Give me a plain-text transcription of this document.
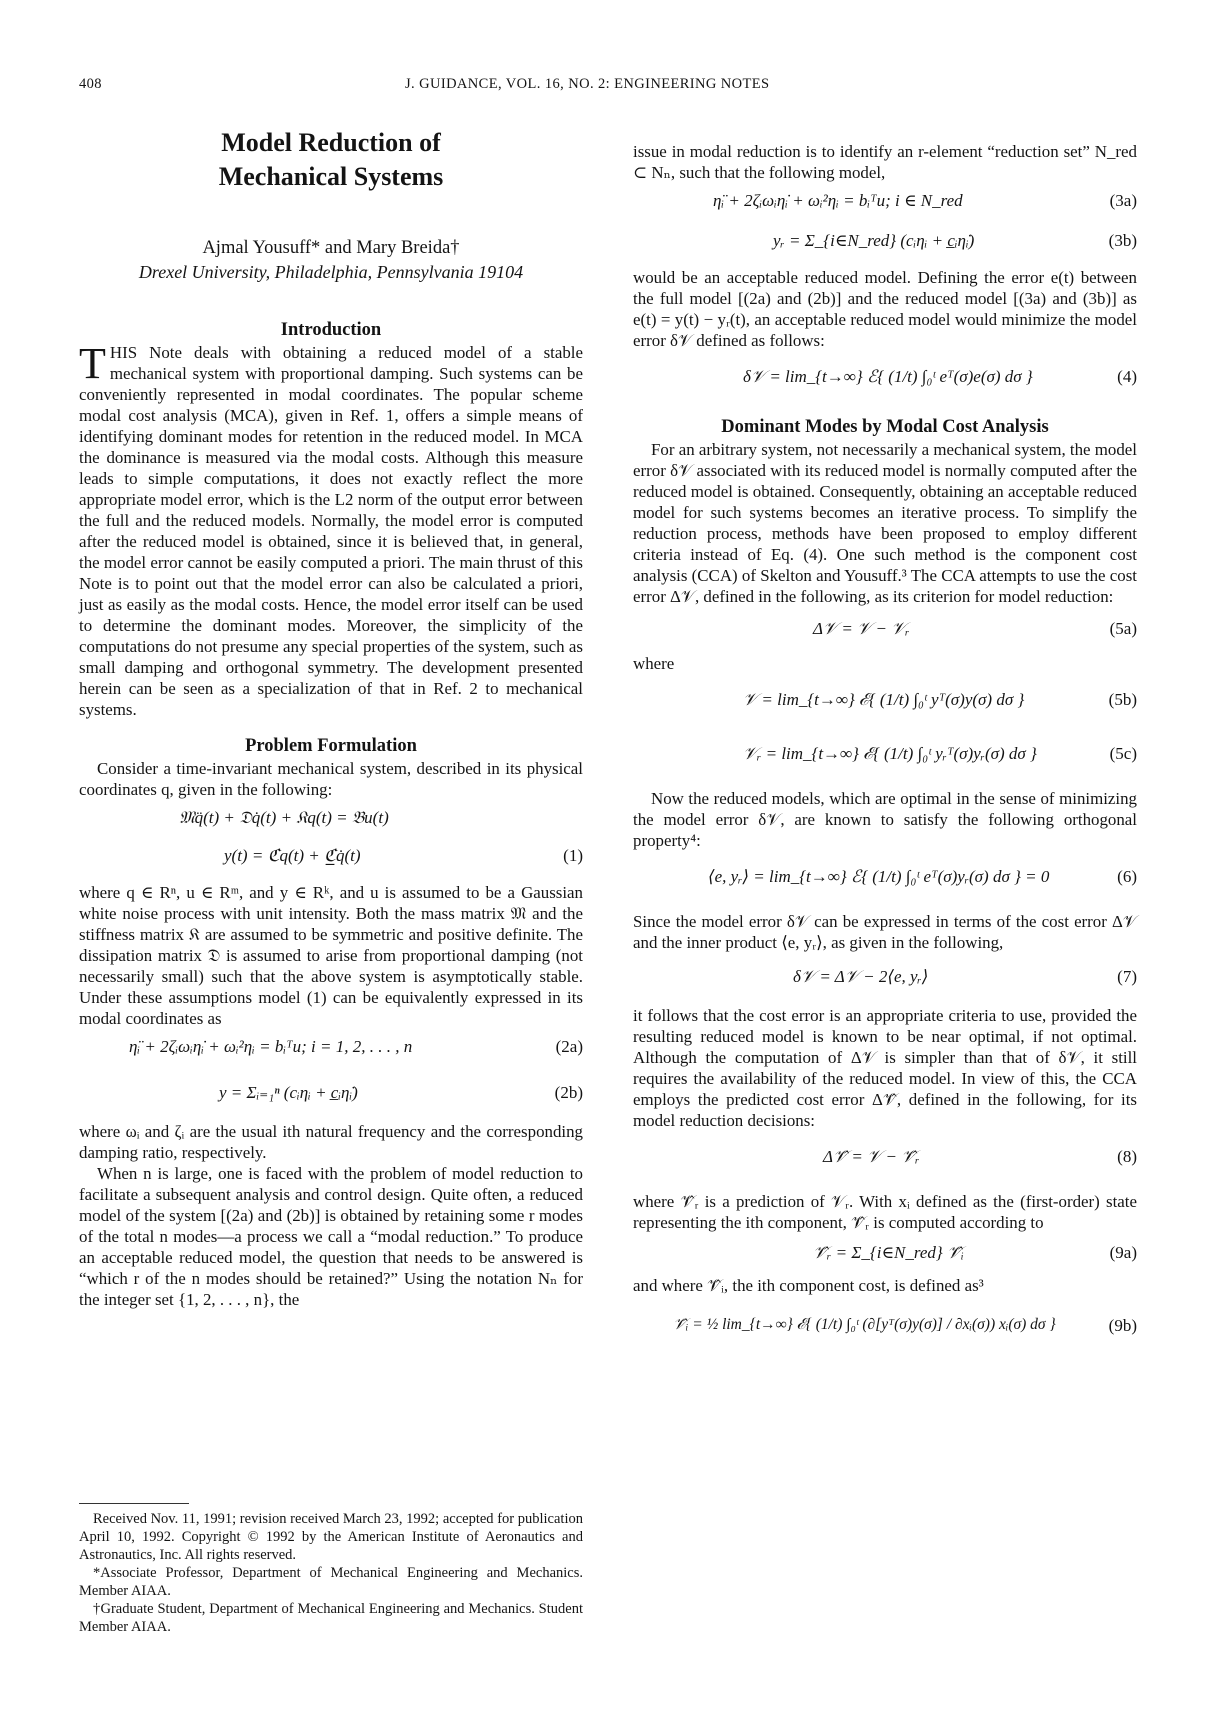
408	J. GUIDANCE, VOL. 16, NO. 2: ENGINEERING NOTES
Model Reduction of
Mechanical Systems
Ajmal Yousuff* and Mary Breida†
Drexel University, Philadelphia, Pennsylvania 19104
Introduction

THIS Note deals with obtaining a reduced model of a stable mechanical system with proportional damping. Such systems can be conveniently represented in modal coordinates. The popular scheme modal cost analysis (MCA), given in Ref. 1, offers a simple means of identifying dominant modes for retention in the reduced model. In MCA the dominance is measured via the modal costs. Although this measure leads to simple computations, it does not exactly reflect the more appropriate model error, which is the L2 norm of the output error between the full and the reduced models. Normally, the model error is computed after the reduced model is obtained, since it is believed that, in general, the model error cannot be easily computed a priori. The main thrust of this Note is to point out that the model error can also be calculated a priori, just as easily as the modal costs. Hence, the model error itself can be used to determine the dominant modes. Moreover, the simplicity of the computations do not presume any special properties of the system, such as small damping and orthogonal symmetry. The development presented herein can be seen as a specialization of that in Ref. 2 to mechanical systems.

Problem Formulation

Consider a time-invariant mechanical system, described in its physical coordinates q, given in the following:

𝔐q̈(t) + 𝔇q̇(t) + 𝔎q(t) = 𝔅u(t)
y(t) = ℭq(t) + ℭ̲q̇(t)	(1)

where q ∈ Rⁿ, u ∈ Rᵐ, and y ∈ Rᵏ, and u is assumed to be a Gaussian white noise process with unit intensity. Both the mass matrix 𝔐 and the stiffness matrix 𝔎 are assumed to be symmetric and positive definite. The dissipation matrix 𝔇 is assumed to arise from proportional damping (not necessarily small) such that the above system is asymptotically stable. Under these assumptions model (1) can be equivalently expressed in its modal coordinates as

η̈ᵢ + 2ζᵢωᵢη̇ᵢ + ωᵢ²ηᵢ = bᵢᵀu; i = 1, 2, . . . , n	(2a)
y = Σᵢ₌₁ⁿ (cᵢηᵢ + c̲ᵢη̇ᵢ)	(2b)

where ωᵢ and ζᵢ are the usual ith natural frequency and the corresponding damping ratio, respectively.

When n is large, one is faced with the problem of model reduction to facilitate a subsequent analysis and control design. Quite often, a reduced model of the system [(2a) and (2b)] is obtained by retaining some r modes of the total n modes—a process we call a “modal reduction.” To produce an acceptable reduced model, the question that needs to be answered is “which r of the n modes should be retained?” Using the notation Nₙ for the integer set {1, 2, . . . , n}, the

Received Nov. 11, 1991; revision received March 23, 1992; accepted for publication April 10, 1992. Copyright © 1992 by the American Institute of Aeronautics and Astronautics, Inc. All rights reserved.

*Associate Professor, Department of Mechanical Engineering and Mechanics. Member AIAA.

†Graduate Student, Department of Mechanical Engineering and Mechanics. Student Member AIAA.

issue in modal reduction is to identify an r-element “reduction set” N_red ⊂ Nₙ, such that the following model,

η̈ᵢ + 2ζᵢωᵢη̇ᵢ + ωᵢ²ηᵢ = bᵢᵀu; i ∈ N_red	(3a)
yᵣ = Σ_{i∈N_red} (cᵢηᵢ + c̲ᵢη̇ᵢ)	(3b)

would be an acceptable reduced model. Defining the error e(t) between the full model [(2a) and (2b)] and the reduced model [(3a) and (3b)] as e(t) = y(t) − yᵣ(t), an acceptable reduced model would minimize the model error δ𝒱 defined as follows:

δ𝒱 = lim_{t→∞} ℰ{ (1/t) ∫₀ᵗ eᵀ(σ)e(σ) dσ }	(4)
Dominant Modes by Modal Cost Analysis

For an arbitrary system, not necessarily a mechanical system, the model error δ𝒱 associated with its reduced model is normally computed after the reduced model is obtained. Consequently, obtaining an acceptable reduced model for such systems becomes an iterative process. To simplify the reduction process, methods have been proposed to employ different criteria instead of Eq. (4). One such method is the component cost analysis (CCA) of Skelton and Yousuff.³ The CCA attempts to use the cost error Δ𝒱, defined in the following, as its criterion for model reduction:

Δ𝒱 = 𝒱 − 𝒱ᵣ	(5a)

where

𝒱 = lim_{t→∞} ℰ{ (1/t) ∫₀ᵗ yᵀ(σ)y(σ) dσ }	(5b)
𝒱ᵣ = lim_{t→∞} ℰ{ (1/t) ∫₀ᵗ yᵣᵀ(σ)yᵣ(σ) dσ }	(5c)

Now the reduced models, which are optimal in the sense of minimizing the model error δ𝒱, are known to satisfy the following orthogonal property⁴:

⟨e, yᵣ⟩ = lim_{t→∞} ℰ{ (1/t) ∫₀ᵗ eᵀ(σ)yᵣ(σ) dσ } = 0	(6)

Since the model error δ𝒱 can be expressed in terms of the cost error Δ𝒱 and the inner product ⟨e, yᵣ⟩, as given in the following,

δ𝒱 = Δ𝒱 − 2⟨e, yᵣ⟩	(7)

it follows that the cost error is an appropriate criteria to use, provided the resulting reduced model is known to be near optimal, if not optimal. Although the computation of Δ𝒱 is simpler than that of δ𝒱, it still requires the availability of the reduced model. In view of this, the CCA employs the predicted cost error Δ𝒱̂, defined in the following, for its model reduction decisions:

Δ𝒱̂ = 𝒱 − 𝒱̂ᵣ	(8)

where 𝒱̂ᵣ is a prediction of 𝒱ᵣ. With xᵢ defined as the (first-order) state representing the ith component, 𝒱̂ᵣ is computed according to

𝒱̂ᵣ = Σ_{i∈N_red} 𝒱̂ᵢ	(9a)

and where 𝒱̂ᵢ, the ith component cost, is defined as³

𝒱̂ᵢ = ½ lim_{t→∞} ℰ{ (1/t) ∫₀ᵗ (∂[yᵀ(σ)y(σ)] / ∂xᵢ(σ)) xᵢ(σ) dσ }	(9b)
